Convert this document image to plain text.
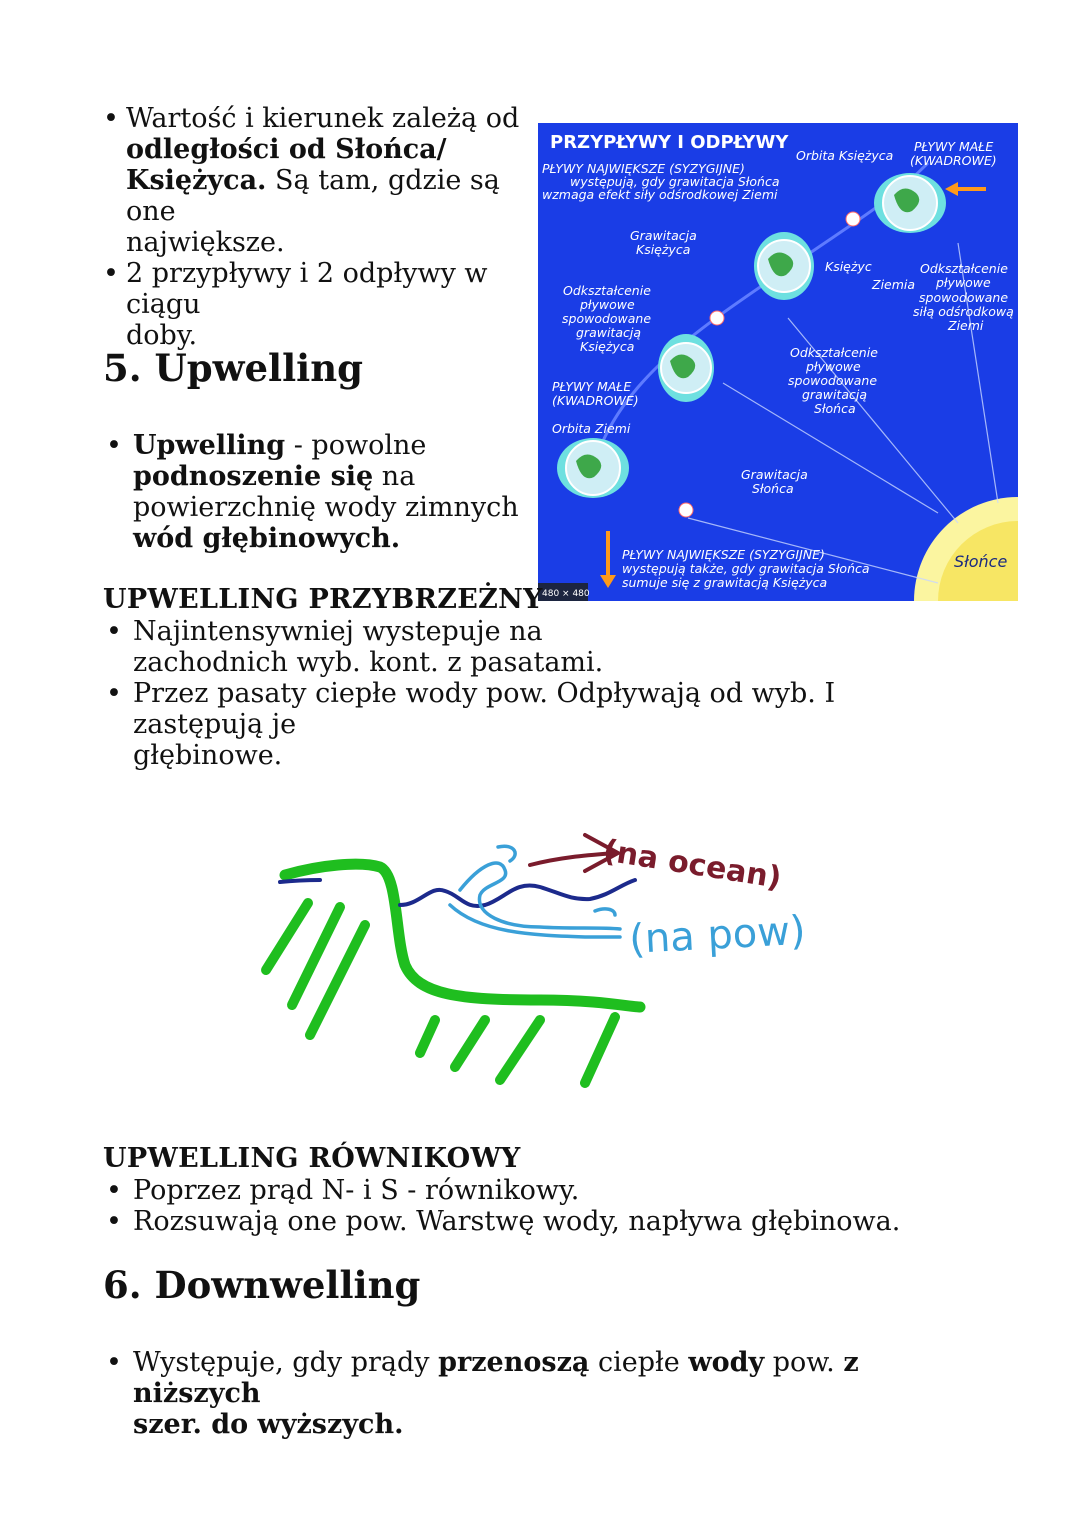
• Wartość i kierunek zależą od
odległości od Słońca/
Księżyca. Są tam, gdzie są one
największe.
• 2 przypływy i 2 odpływy w ciągu
doby.
5. Upwelling
• Upwelling - powolne
podnoszenie się na
powierzchnię wody zimnych
wód głębinowych.
PRZYPŁYWY I ODPŁYWY
PŁYWY NAJWIĘKSZE (SYZYGIJNE)
występują, gdy grawitacja Słońca
wzmaga efekt siły odśrodkowej Ziemi
Orbita Księżyca
PŁYWY MAŁE
(KWADROWE)
Grawitacja
Księżyca
Księżyc
Ziemia
Odkształcenie
pływowe
spowodowane
siłą odśrodkową
Ziemi
Odkształcenie
pływowe
spowodowane
grawitacją
Księżyca	Odkształcenie
pływowe
spowodowane
grawitacją
Słońca
PŁYWY MAŁE
(KWADROWE)
Orbita Ziemi
Grawitacja
Słońca
PŁYWY NAJWIĘKSZE (SYZYGIJNE)
występują także, gdy grawitacja Słońca
sumuje się z grawitacją Księżyca
Słońce
480 × 480
UPWELLING PRZYBRZEŻNY
• Najintensywniej wystepuje na
zachodnich wyb. kont. z pasatami.
• Przez pasaty ciepłe wody pow. Odpływają od wyb. I zastępują je
głębinowe.
(na ocean)
(na pow)
UPWELLING RÓWNIKOWY
• Poprzez prąd N- i S - równikowy.
• Rozsuwają one pow. Warstwę wody, napływa głębinowa.
6. Downwelling
• Występuje, gdy prądy przenoszą ciepłe wody pow. z niższych
szer. do wyższych.
